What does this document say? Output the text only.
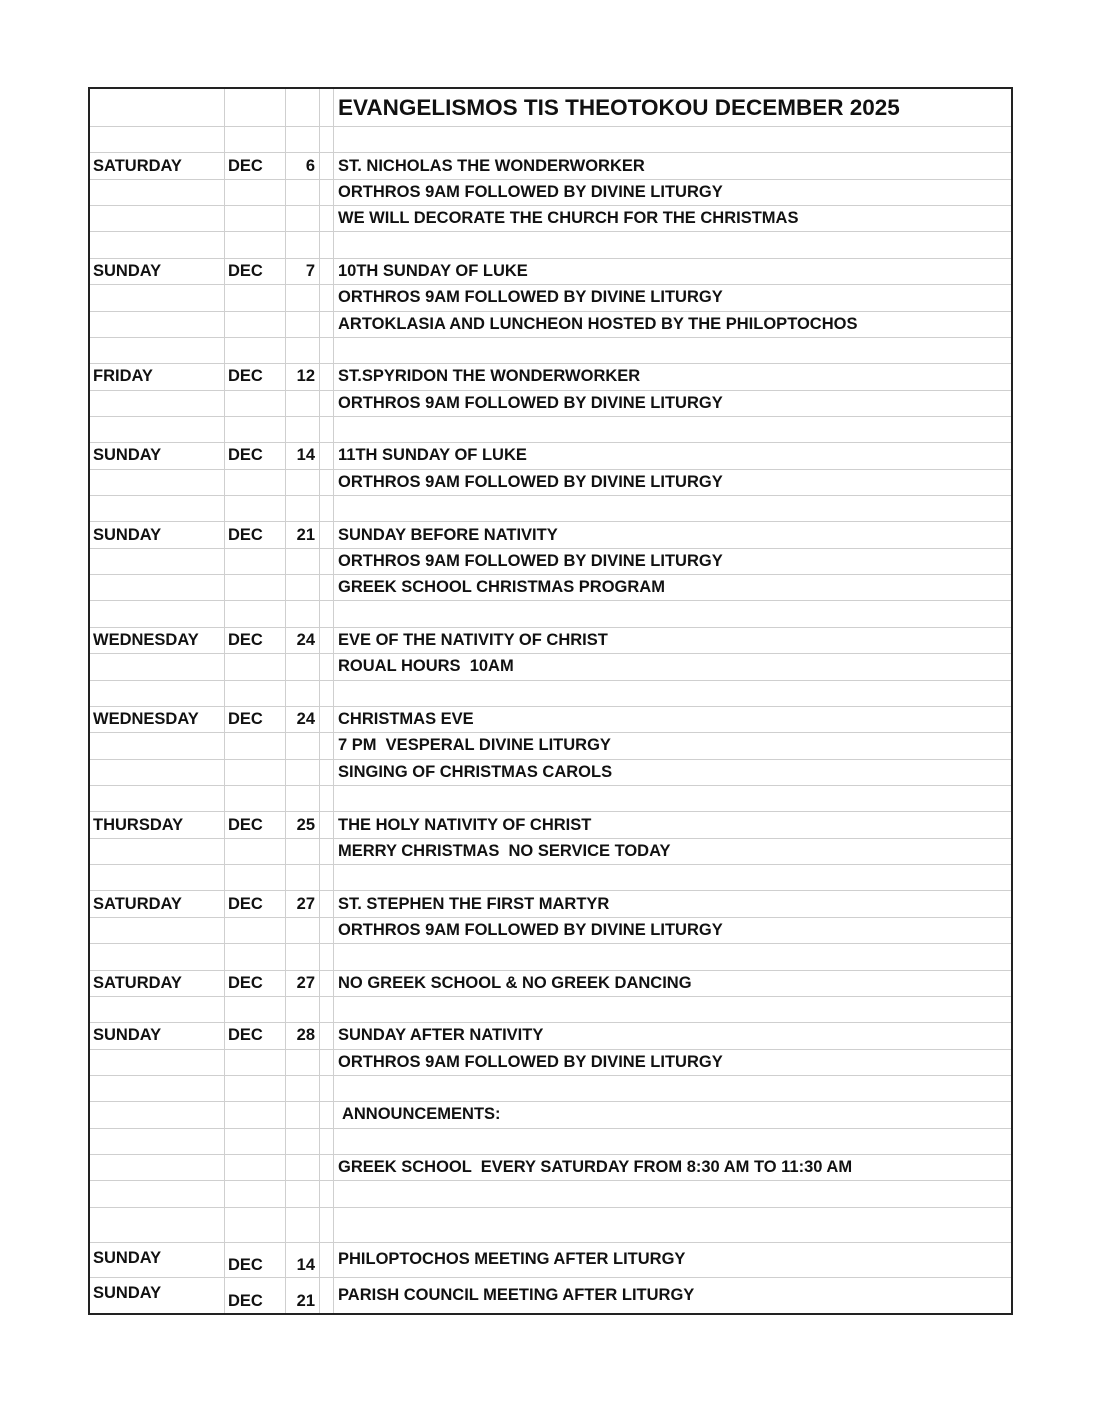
EVANGELISMOS TIS THEOTOKOU DECEMBER 2025
SATURDAY	DEC	6	ST. NICHOLAS THE WONDERWORKER
ORTHROS 9AM FOLLOWED BY DIVINE LITURGY
WE WILL DECORATE THE CHURCH FOR THE CHRISTMAS
SUNDAY	DEC	7	10TH SUNDAY OF LUKE
ORTHROS 9AM FOLLOWED BY DIVINE LITURGY
ARTOKLASIA AND LUNCHEON HOSTED BY THE PHILOPTOCHOS
FRIDAY	DEC	12	ST.SPYRIDON THE WONDERWORKER
ORTHROS 9AM FOLLOWED BY DIVINE LITURGY
SUNDAY	DEC	14	11TH SUNDAY OF LUKE
ORTHROS 9AM FOLLOWED BY DIVINE LITURGY
SUNDAY	DEC	21	SUNDAY BEFORE NATIVITY
ORTHROS 9AM FOLLOWED BY DIVINE LITURGY
GREEK SCHOOL CHRISTMAS PROGRAM
WEDNESDAY	DEC	24	EVE OF THE NATIVITY OF CHRIST
ROUAL HOURS  10AM
WEDNESDAY	DEC	24	CHRISTMAS EVE
7 PM  VESPERAL DIVINE LITURGY
SINGING OF CHRISTMAS CAROLS
THURSDAY	DEC	25	THE HOLY NATIVITY OF CHRIST
MERRY CHRISTMAS  NO SERVICE TODAY
SATURDAY	DEC	27	ST. STEPHEN THE FIRST MARTYR
ORTHROS 9AM FOLLOWED BY DIVINE LITURGY
SATURDAY	DEC	27	NO GREEK SCHOOL & NO GREEK DANCING
SUNDAY	DEC	28	SUNDAY AFTER NATIVITY
ORTHROS 9AM FOLLOWED BY DIVINE LITURGY
ANNOUNCEMENTS:
GREEK SCHOOL  EVERY SATURDAY FROM 8:30 AM TO 11:30 AM
SUNDAY	DEC	14	PHILOPTOCHOS MEETING AFTER LITURGY
SUNDAY	DEC	21	PARISH COUNCIL MEETING AFTER LITURGY
